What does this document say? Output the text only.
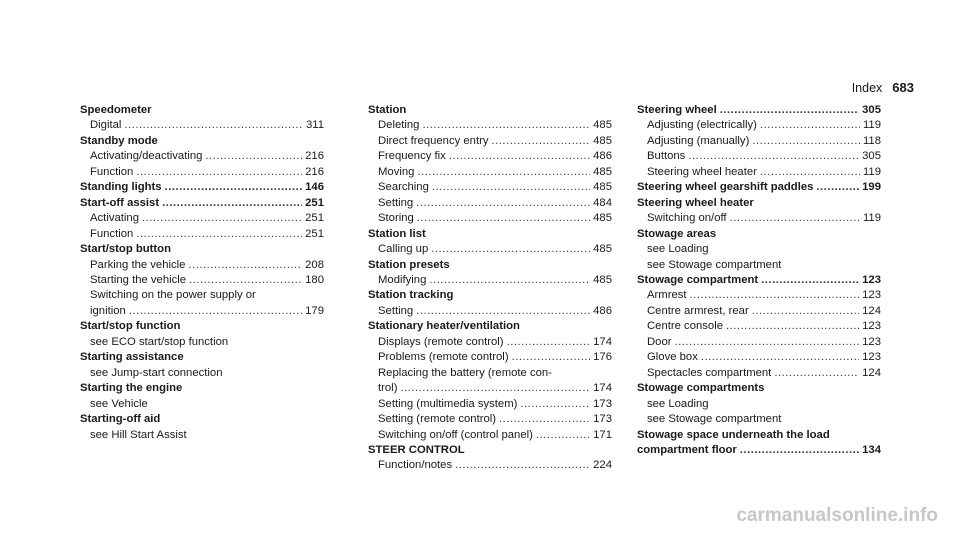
Index 683
Speedometer
Digital .....	311
Standby mode
Activating/deactivating .....	216
Function .....	216
Standing lights .....	146
Start-off assist .....	251
Activating .....	251
Function .....	251
Start/stop button
Parking the vehicle .....	208
Starting the vehicle .....	180
Switching on the power supply or
ignition .....	179
Start/stop function
see ECO start/stop function
Starting assistance
see Jump-start connection
Starting the engine
see Vehicle
Starting-off aid
see Hill Start Assist
Station
Deleting .....	485
Direct frequency entry .....	485
Frequency fix .....	486
Moving .....	485
Searching .....	485
Setting .....	484
Storing .....	485
Station list
Calling up .....	485
Station presets
Modifying .....	485
Station tracking
Setting .....	486
Stationary heater/ventilation
Displays (remote control) .....	174
Problems (remote control) .....	176
Replacing the battery (remote con-
trol) .....	174
Setting (multimedia system) .....	173
Setting (remote control) .....	173
Switching on/off (control panel) .....	171
STEER CONTROL
Function/notes .....	224
Steering wheel .....	305
Adjusting (electrically) .....	119
Adjusting (manually) .....	118
Buttons .....	305
Steering wheel heater .....	119
Steering wheel gearshift paddles .....	199
Steering wheel heater
Switching on/off .....	119
Stowage areas
see Loading
see Stowage compartment
Stowage compartment .....	123
Armrest .....	123
Centre armrest, rear .....	124
Centre console .....	123
Door .....	123
Glove box .....	123
Spectacles compartment .....	124
Stowage compartments
see Loading
see Stowage compartment
Stowage space underneath the load
compartment floor .....	134
carmanualsonline.info
